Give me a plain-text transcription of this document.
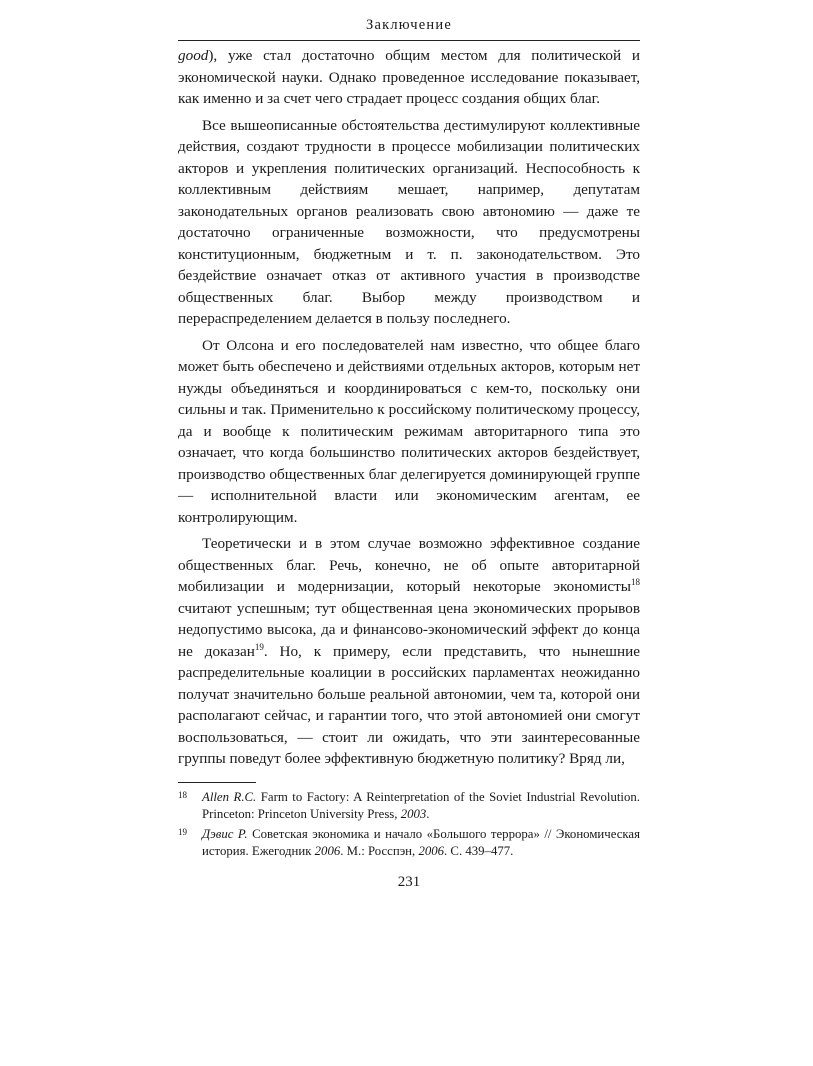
Заключение

good), уже стал достаточно общим местом для политической и экономической науки. Однако проведенное исследование показывает, как именно и за счет чего страдает процесс создания общих благ.

Все вышеописанные обстоятельства дестимулируют коллективные действия, создают трудности в процессе мобилизации политических акторов и укрепления политических организаций. Неспособность к коллективным действиям мешает, например, депутатам законодательных органов реализовать свою автономию — даже те достаточно ограниченные возможности, что предусмотрены конституционным, бюджетным и т. п. законодательством. Это бездействие означает отказ от активного участия в производстве общественных благ. Выбор между производством и перераспределением делается в пользу последнего.

От Олсона и его последователей нам известно, что общее благо может быть обеспечено и действиями отдельных акторов, которым нет нужды объединяться и координироваться с кем-то, поскольку они сильны и так. Применительно к российскому политическому процессу, да и вообще к политическим режимам авторитарного типа это означает, что когда большинство политических акторов бездействует, производство общественных благ делегируется доминирующей группе — исполнительной власти или экономическим агентам, ее контролирующим.

Теоретически и в этом случае возможно эффективное создание общественных благ. Речь, конечно, не об опыте авторитарной мобилизации и модернизации, который некоторые экономисты$^{18}$ считают успешным; тут общественная цена экономических прорывов недопустимо высока, да и финансово-экономический эффект до конца не доказан$^{19}$. Но, к примеру, если представить, что нынешние распределительные коалиции в российских парламентах неожиданно получат значительно больше реальной автономии, чем та, которой они располагают сейчас, и гарантии того, что этой автономией они смогут воспользоваться, — стоит ли ожидать, что эти заинтересованные группы поведут более эффективную бюджетную политику? Вряд ли,

18 Allen R.C. Farm to Factory: A Reinterpretation of the Soviet Industrial Revolution. Princeton: Princeton University Press, 2003.
19 Дэвис Р. Советская экономика и начало «Большого террора» // Экономическая история. Ежегодник 2006. М.: Росспэн, 2006. С. 439–477.
231
